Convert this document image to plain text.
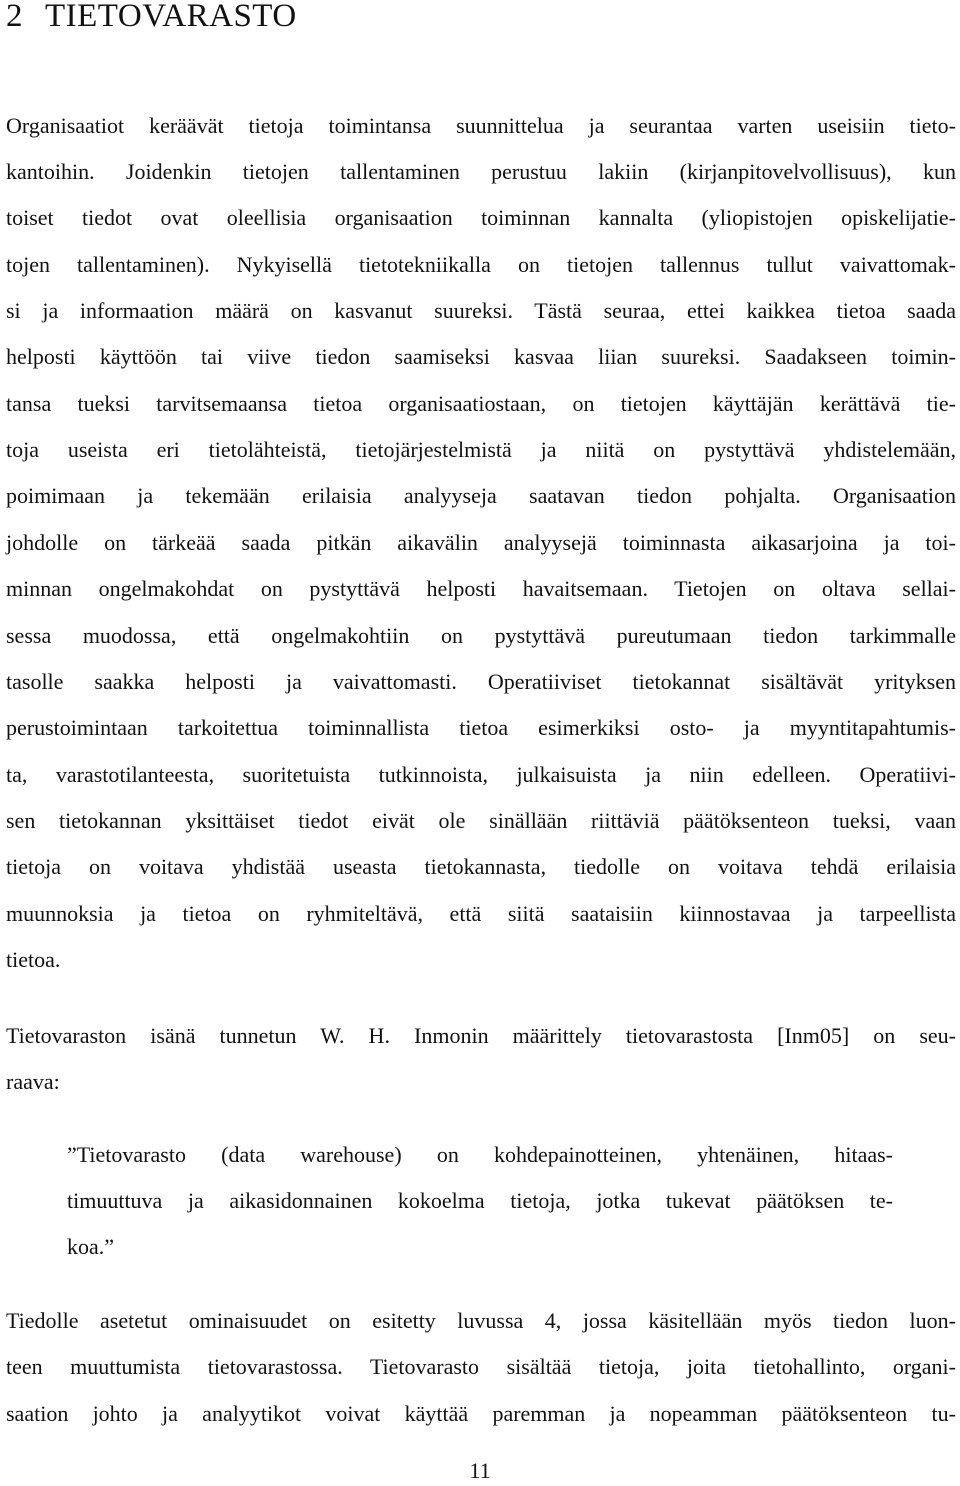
2 TIETOVARASTO
Organisaatiot keräävät tietoja toimintansa suunnittelua ja seurantaa varten useisiin tieto-
kantoihin. Joidenkin tietojen tallentaminen perustuu lakiin (kirjanpitovelvollisuus), kun
toiset tiedot ovat oleellisia organisaation toiminnan kannalta (yliopistojen opiskelijatie-
tojen tallentaminen). Nykyisellä tietotekniikalla on tietojen tallennus tullut vaivattomak-
si ja informaation määrä on kasvanut suureksi. Tästä seuraa, ettei kaikkea tietoa saada
helposti käyttöön tai viive tiedon saamiseksi kasvaa liian suureksi. Saadakseen toimin-
tansa tueksi tarvitsemaansa tietoa organisaatiostaan, on tietojen käyttäjän kerättävä tie-
toja useista eri tietolähteistä, tietojärjestelmistä ja niitä on pystyttävä yhdistelemään,
poimimaan ja tekemään erilaisia analyyseja saatavan tiedon pohjalta. Organisaation
johdolle on tärkeää saada pitkän aikavälin analyysejä toiminnasta aikasarjoina ja toi-
minnan ongelmakohdat on pystyttävä helposti havaitsemaan. Tietojen on oltava sellai-
sessa muodossa, että ongelmakohtiin on pystyttävä pureutumaan tiedon tarkimmalle
tasolle saakka helposti ja vaivattomasti. Operatiiviset tietokannat sisältävät yrityksen
perustoimintaan tarkoitettua toiminnallista tietoa esimerkiksi osto- ja myyntitapahtumis-
ta, varastotilanteesta, suoritetuista tutkinnoista, julkaisuista ja niin edelleen. Operatiivi-
sen tietokannan yksittäiset tiedot eivät ole sinällään riittäviä päätöksenteon tueksi, vaan
tietoja on voitava yhdistää useasta tietokannasta, tiedolle on voitava tehdä erilaisia
muunnoksia ja tietoa on ryhmiteltävä, että siitä saataisiin kiinnostavaa ja tarpeellista
tietoa.
Tietovaraston isänä tunnetun W. H. Inmonin määrittely tietovarastosta [Inm05] on seu-
raava:
”Tietovarasto (data warehouse) on kohdepainotteinen, yhtenäinen, hitaas-
timuuttuva ja aikasidonnainen kokoelma tietoja, jotka tukevat päätöksen te-
koa.”
Tiedolle asetetut ominaisuudet on esitetty luvussa 4, jossa käsitellään myös tiedon luon-
teen muuttumista tietovarastossa. Tietovarasto sisältää tietoja, joita tietohallinto, organi-
saation johto ja analyytikot voivat käyttää paremman ja nopeamman päätöksenteon tu-
11
